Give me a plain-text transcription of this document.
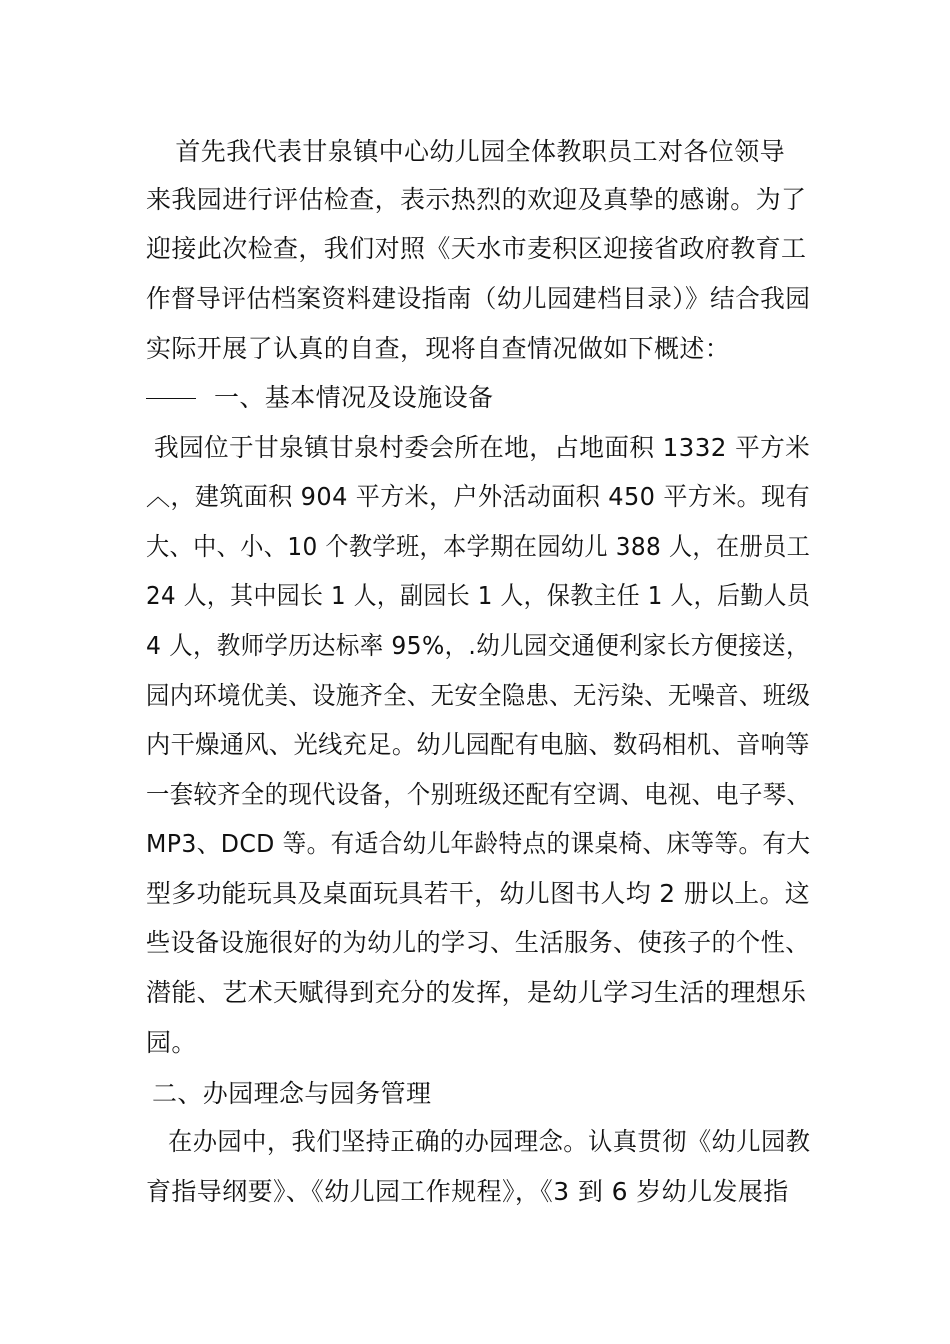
　首先我代表甘泉镇中心幼儿园全体教职员工对各位领导
来我园进行评估检查，表示热烈的欢迎及真挚的感谢。为了
迎接此次检查，我们对照《天水市麦积区迎接省政府教育工
作督导评估档案资料建设指南（幼儿园建档目录）》结合我园
实际开展了认真的自查，现将自查情况做如下概述：
一、基本情况及设施设备
我园位于甘泉镇甘泉村委会所在地，占地面积 1332 平方米
︿，建筑面积 904 平方米，户外活动面积 450 平方米。现有
大、中、小、10 个教学班，本学期在园幼儿 388 人，在册员工
24 人，其中园长 1 人，副园长 1 人，保教主任 1 人，后勤人员
4 人，教师学历达标率 95%，.幼儿园交通便利家长方便接送，
园内环境优美、设施齐全、无安全隐患、无污染、无噪音、班级
内干燥通风、光线充足。幼儿园配有电脑、数码相机、音响等
一套较齐全的现代设备，个别班级还配有空调、电视、电子琴、
MP3、DCD 等。有适合幼儿年龄特点的课桌椅、床等等。有大
型多功能玩具及桌面玩具若干，幼儿图书人均 2 册以上。这
些设备设施很好的为幼儿的学习、生活服务、使孩子的个性、
潜能、艺术天赋得到充分的发挥，是幼儿学习生活的理想乐
园。
二、办园理念与园务管理
在办园中，我们坚持正确的办园理念。认真贯彻《幼儿园教
育指导纲要》、《幼儿园工作规程》，《3 到 6 岁幼儿发展指
